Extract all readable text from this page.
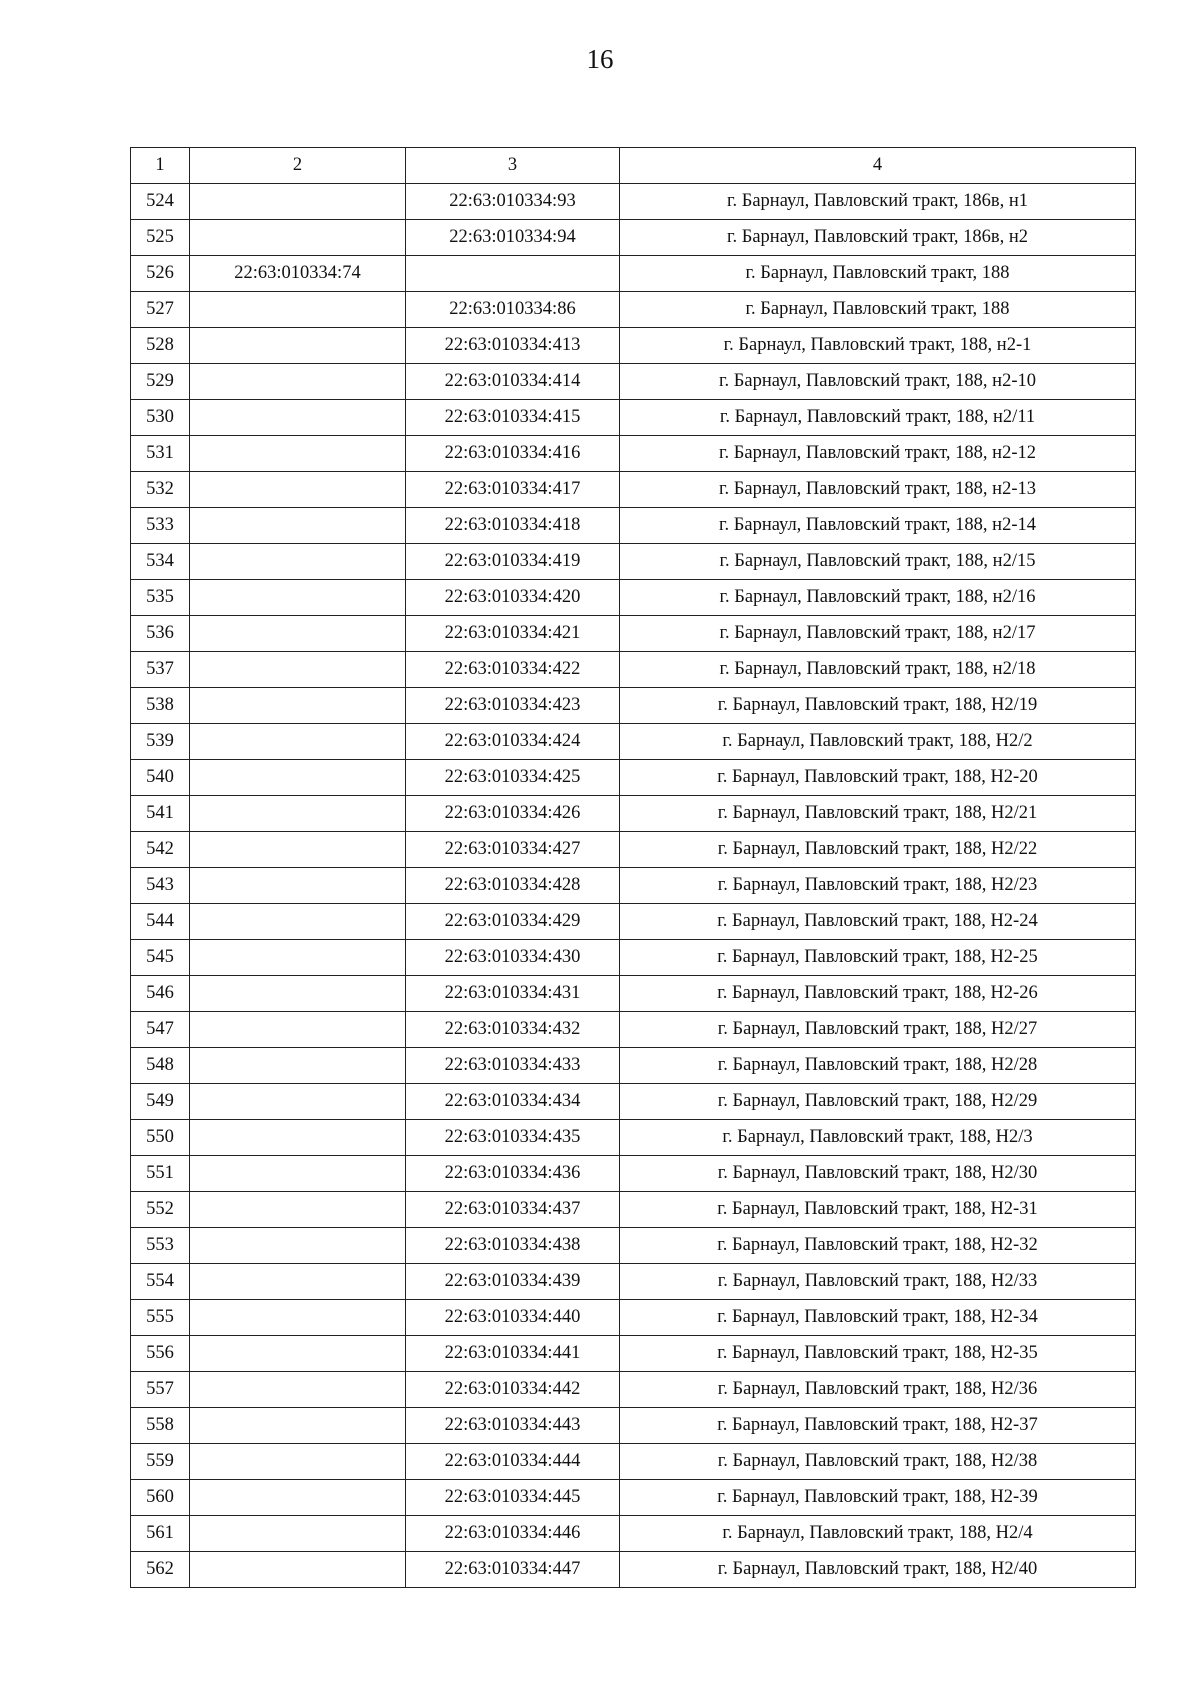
16
1	2	3	4
524		22:63:010334:93	г. Барнаул, Павловский тракт, 186в, н1
525		22:63:010334:94	г. Барнаул, Павловский тракт, 186в, н2
526	22:63:010334:74		г. Барнаул, Павловский тракт, 188
527		22:63:010334:86	г. Барнаул, Павловский тракт, 188
528		22:63:010334:413	г. Барнаул, Павловский тракт, 188, н2-1
529		22:63:010334:414	г. Барнаул, Павловский тракт, 188, н2-10
530		22:63:010334:415	г. Барнаул, Павловский тракт, 188, н2/11
531		22:63:010334:416	г. Барнаул, Павловский тракт, 188, н2-12
532		22:63:010334:417	г. Барнаул, Павловский тракт, 188, н2-13
533		22:63:010334:418	г. Барнаул, Павловский тракт, 188, н2-14
534		22:63:010334:419	г. Барнаул, Павловский тракт, 188, н2/15
535		22:63:010334:420	г. Барнаул, Павловский тракт, 188, н2/16
536		22:63:010334:421	г. Барнаул, Павловский тракт, 188, н2/17
537		22:63:010334:422	г. Барнаул, Павловский тракт, 188, н2/18
538		22:63:010334:423	г. Барнаул, Павловский тракт, 188, Н2/19
539		22:63:010334:424	г. Барнаул, Павловский тракт, 188, Н2/2
540		22:63:010334:425	г. Барнаул, Павловский тракт, 188, Н2-20
541		22:63:010334:426	г. Барнаул, Павловский тракт, 188, Н2/21
542		22:63:010334:427	г. Барнаул, Павловский тракт, 188, Н2/22
543		22:63:010334:428	г. Барнаул, Павловский тракт, 188, Н2/23
544		22:63:010334:429	г. Барнаул, Павловский тракт, 188, Н2-24
545		22:63:010334:430	г. Барнаул, Павловский тракт, 188, Н2-25
546		22:63:010334:431	г. Барнаул, Павловский тракт, 188, Н2-26
547		22:63:010334:432	г. Барнаул, Павловский тракт, 188, Н2/27
548		22:63:010334:433	г. Барнаул, Павловский тракт, 188, Н2/28
549		22:63:010334:434	г. Барнаул, Павловский тракт, 188, Н2/29
550		22:63:010334:435	г. Барнаул, Павловский тракт, 188, Н2/3
551		22:63:010334:436	г. Барнаул, Павловский тракт, 188, Н2/30
552		22:63:010334:437	г. Барнаул, Павловский тракт, 188, Н2-31
553		22:63:010334:438	г. Барнаул, Павловский тракт, 188, Н2-32
554		22:63:010334:439	г. Барнаул, Павловский тракт, 188, Н2/33
555		22:63:010334:440	г. Барнаул, Павловский тракт, 188, Н2-34
556		22:63:010334:441	г. Барнаул, Павловский тракт, 188, Н2-35
557		22:63:010334:442	г. Барнаул, Павловский тракт, 188, Н2/36
558		22:63:010334:443	г. Барнаул, Павловский тракт, 188, Н2-37
559		22:63:010334:444	г. Барнаул, Павловский тракт, 188, Н2/38
560		22:63:010334:445	г. Барнаул, Павловский тракт, 188, Н2-39
561		22:63:010334:446	г. Барнаул, Павловский тракт, 188, Н2/4
562		22:63:010334:447	г. Барнаул, Павловский тракт, 188, Н2/40
